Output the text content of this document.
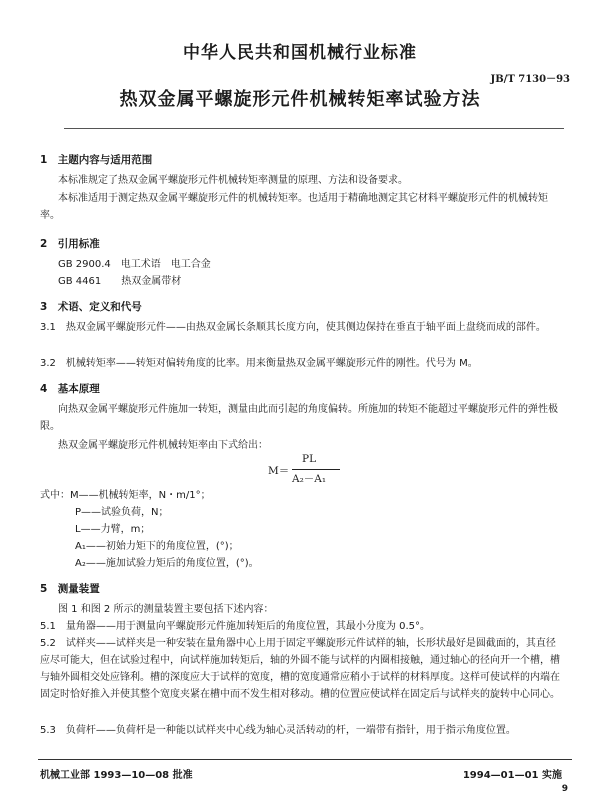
中华人民共和国机械行业标准
JB/T 7130－93
热双金属平螺旋形元件机械转矩率试验方法
1　主题内容与适用范围
本标准规定了热双金属平螺旋形元件机械转矩率测量的原理、方法和设备要求。
本标准适用于测定热双金属平螺旋形元件的机械转矩率。也适用于精确地测定其它材料平螺旋形元件的机械转矩率。
2　引用标准
GB 2900.4　电工术语　电工合金
GB 4461　　热双金属带材
3　术语、定义和代号
3.1　热双金属平螺旋形元件——由热双金属长条顺其长度方向，使其侧边保持在垂直于轴平面上盘绕而成的部件。
3.2　机械转矩率——转矩对偏转角度的比率。用来衡量热双金属平螺旋形元件的刚性。代号为 M。
4　基本原理
向热双金属平螺旋形元件施加一转矩，测量由此而引起的角度偏转。所施加的转矩不能超过平螺旋形元件的弹性极限。
热双金属平螺旋形元件机械转矩率由下式给出：
M＝
PL
A₂－A₁
式中：M——机械转矩率，N・m/1°；
P——试验负荷，N；
L——力臂，m；
A₁——初始力矩下的角度位置，(°)；
A₂——施加试验力矩后的角度位置，(°)。
5　测量装置
图 1 和图 2 所示的测量装置主要包括下述内容：
5.1　量角器——用于测量向平螺旋形元件施加转矩后的角度位置，其最小分度为 0.5°。
5.2　试样夹——试样夹是一种安装在量角器中心上用于固定平螺旋形元件试样的轴，长形状最好是圆截面的，其直径应尽可能大，但在试验过程中，向试样施加转矩后，轴的外圆不能与试样的内圈相接触，通过轴心的径向开一个槽，槽与轴外圆相交处应锋利。槽的深度应大于试样的宽度，槽的宽度通常应稍小于试样的材料厚度。这样可使试样的内端在固定时恰好推入并使其整个宽度夹紧在槽中而不发生相对移动。槽的位置应使试样在固定后与试样夹的旋转中心同心。
5.3　负荷杆——负荷杆是一种能以试样夹中心线为轴心灵活转动的杆，一端带有指针，用于指示角度位置。
机械工业部 1993—10—08 批准	1994—01—01 实施
9
